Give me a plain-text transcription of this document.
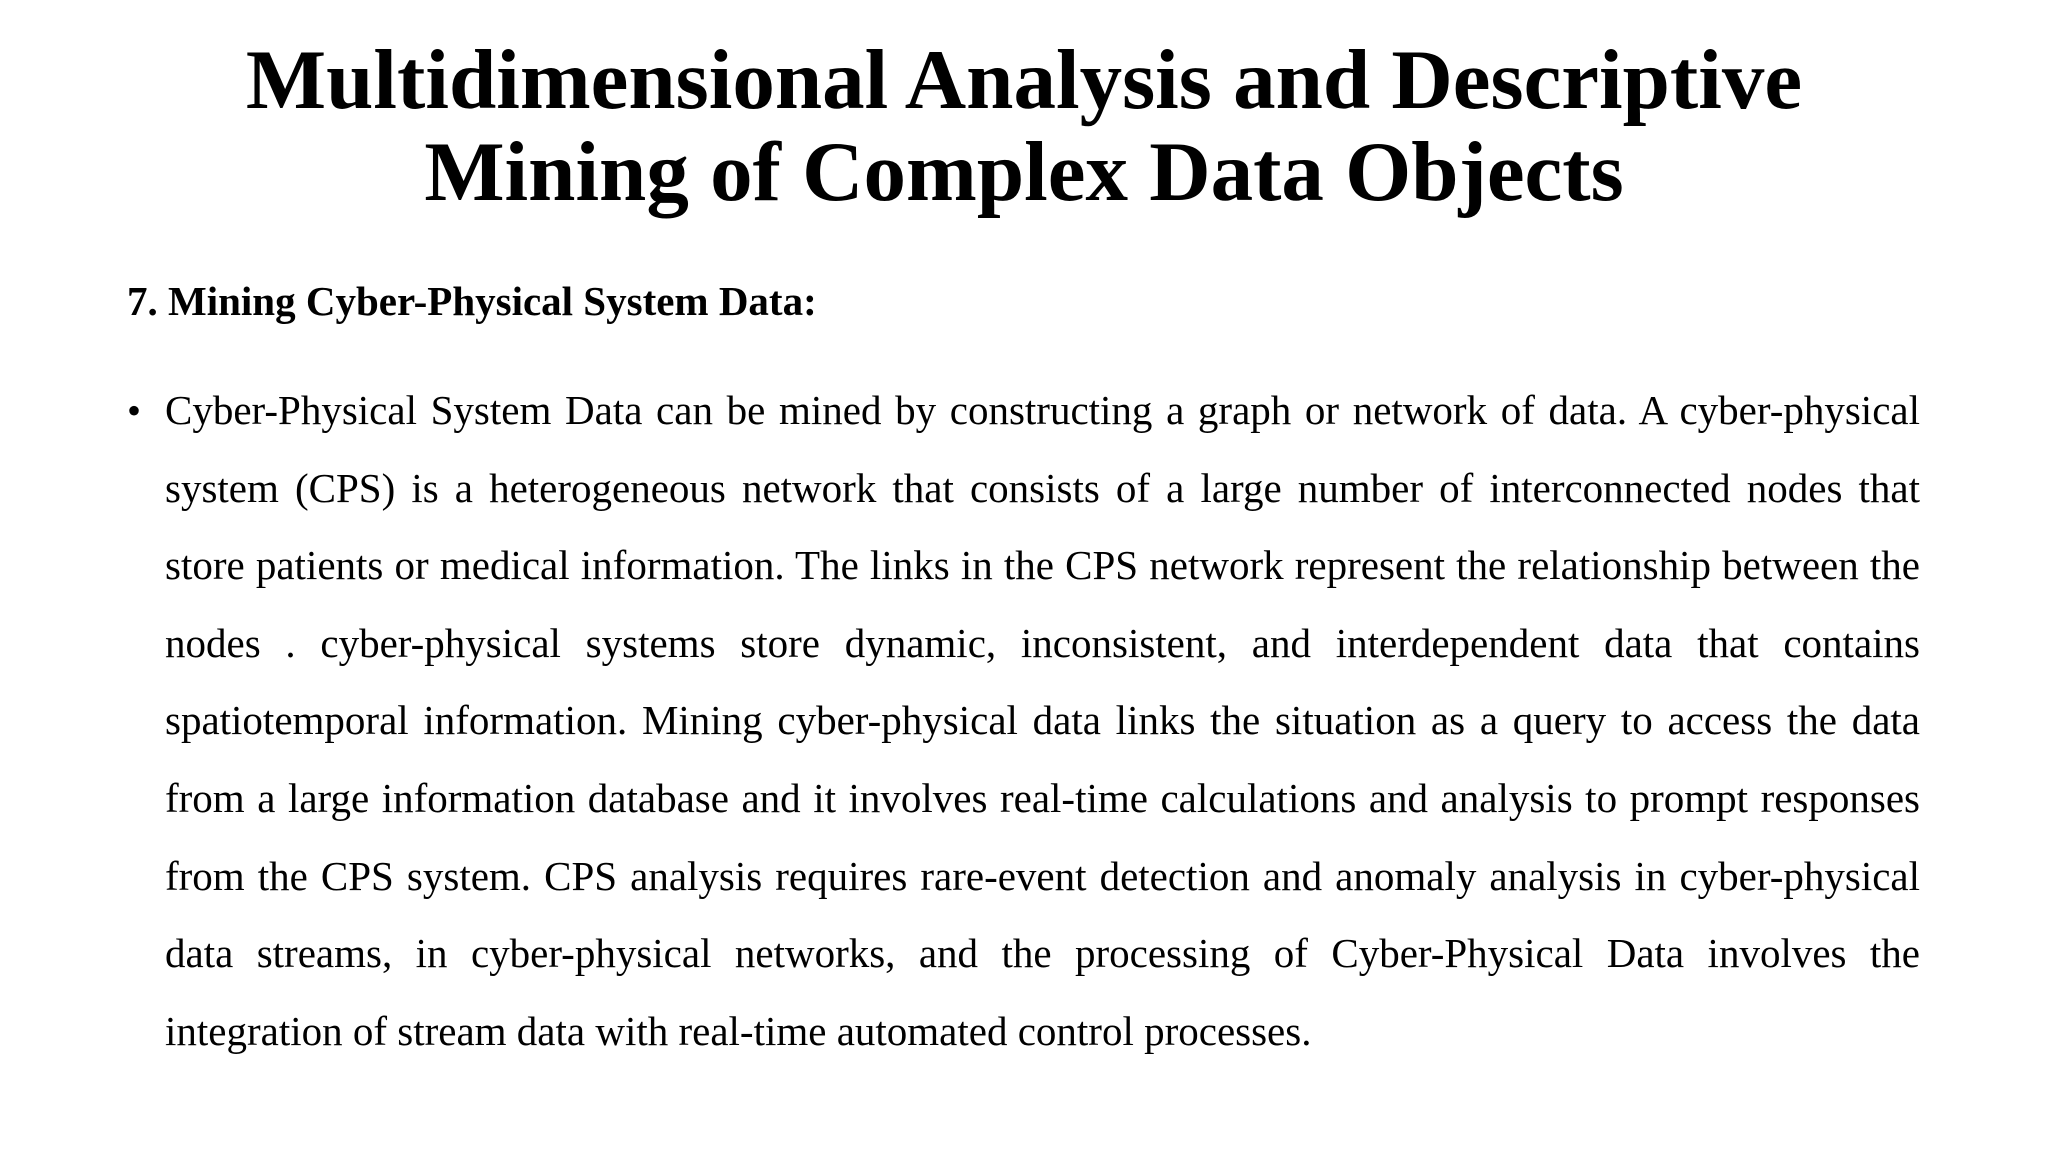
Multidimensional Analysis and Descriptive
Mining of Complex Data Objects
7. Mining Cyber-Physical System Data:
• Cyber-Physical System Data can be mined by constructing a graph or network of data. A cyber-physical system (CPS) is a heterogeneous network that consists of a large number of interconnected nodes that store patients or medical information. The links in the CPS network represent the relationship between the nodes . cyber-physical systems store dynamic, inconsistent, and interdependent data that contains spatiotemporal information. Mining cyber-physical data links the situation as a query to access the data from a large information database and it involves real-time calculations and analysis to prompt responses from the CPS system. CPS analysis requires rare-event detection and anomaly analysis in cyber-physical data streams, in cyber-physical networks, and the processing of Cyber-Physical Data involves the integration of stream data with real-time automated control processes.
